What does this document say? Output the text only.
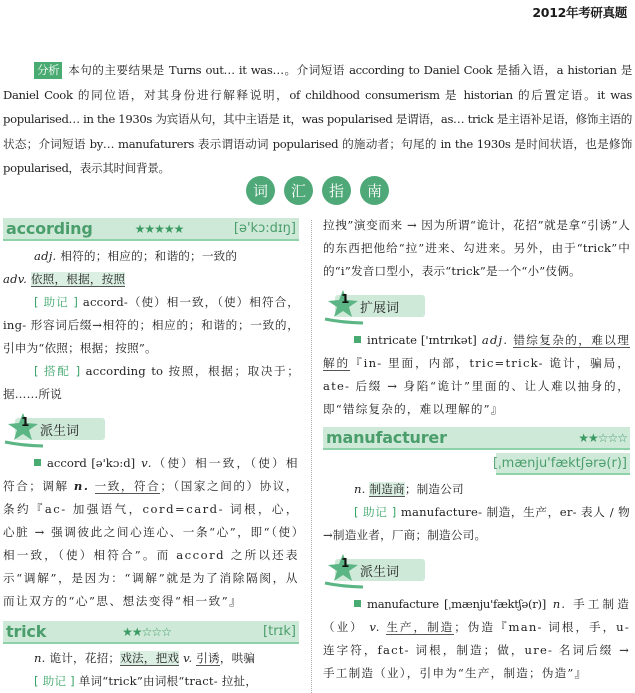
2012年考研真题
分析 本句的主要结果是 Turns out… it was…。介词短语 according to Daniel Cook 是插入语，a historian 是 Daniel Cook 的同位语，对其身份进行解释说明，of childhood consumerism 是 historian 的后置定语。it was popularised… in the 1930s 为宾语从句，其中主语是 it，was popularised 是谓语，as… trick 是主语补足语，修饰主语的状态；介词短语 by… manufaturers 表示谓语动词 popularised 的施动者；句尾的 in the 1930s 是时间状语，也是修饰 popularised，表示其时间背景。
词	汇	指	南
according	★★★★★	[ə'kɔ:dɪŋ]
adj. 相符的；相应的；和谐的；一致的
adv. 依照，根据，按照
[ 助记 ] accord-（使）相一致，（使）相符合，ing- 形容词后缀→相符的；相应的；和谐的；一致的，引申为“依照；根据；按照”。
[ 搭配 ] according to 按照，根据；取决于；据……所说
1
派生词
accord [ə'kɔ:d] v.（使）相一致，（使）相符合；调解 n. 一致，符合；（国家之间的）协议，条约『ac- 加强语气，cord=card- 词根，心，心脏 → 强调彼此之间心连心、一条“心”，即“（使）相一致，（使）相符合”。而 accord 之所以还表示“调解”，是因为：“调解”就是为了消除隔阂，从而让双方的“心”思、想法变得“相一致”』
trick	★★☆☆☆	[trɪk]
n. 诡计，花招；戏法，把戏 v. 引诱，哄骗
[ 助记 ] 单词“trick”由词根“tract- 拉扯，
拉拽”演变而来 → 因为所谓“诡计，花招”就是拿“引诱”人的东西把他给“拉”进来、勾进来。另外，由于“trick”中的“i”发音口型小，表示“trick”是一个“小”伎俩。
1
扩展词
intricate ['ɪntrɪkət] adj. 错综复杂的，难以理解的『in- 里面，内部，tric=trick- 诡计，骗局，ate- 后缀 → 身陷“诡计”里面的、让人难以抽身的，即“错综复杂的，难以理解的”』
manufacturer	★★☆☆☆
[ˌmænju'fæktʃərə(r)]
n. 制造商；制造公司
[ 助记 ] manufacture- 制造，生产，er- 表人 / 物 →制造业者，厂商；制造公司。
1
派生词
manufacture [ˌmænju'fæktʃə(r)] n. 手工制造（业） v. 生产，制造；伪造『man- 词根，手，u- 连字符，fact- 词根，制造；做，ure- 名词后缀 → 手工制造（业），引申为“生产，制造；伪造”』
